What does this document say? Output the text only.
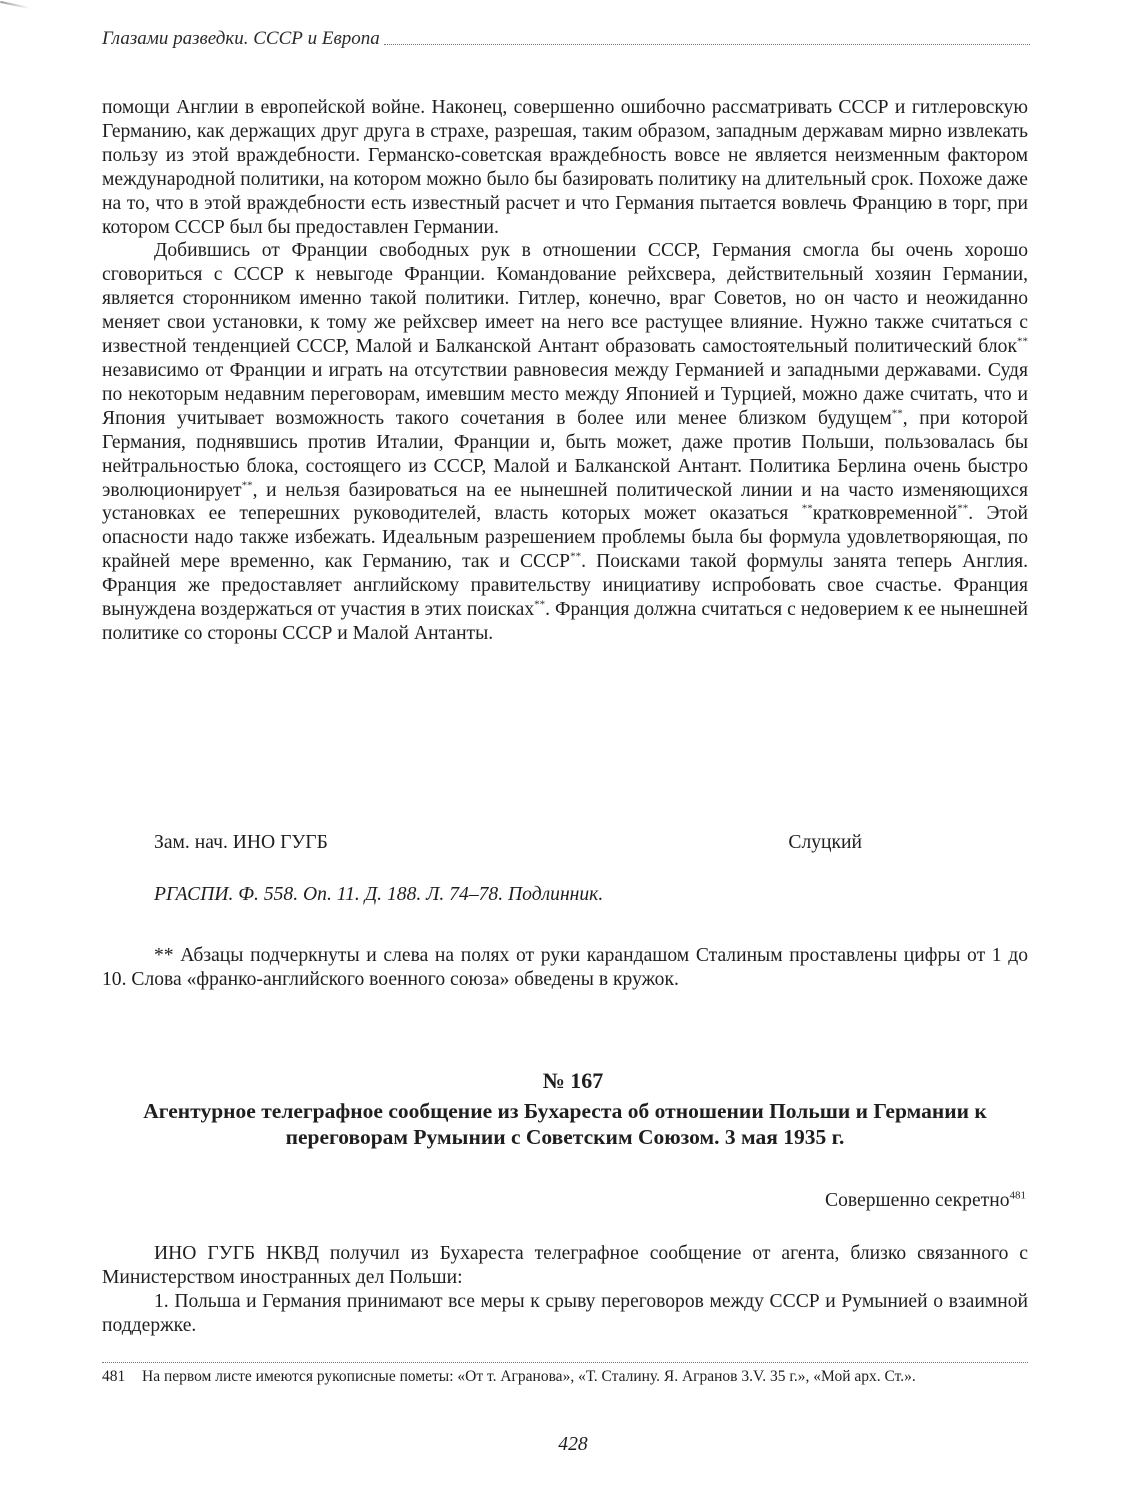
Глазами разведки. СССР и Европа

помощи Англии в европейской войне. Наконец, совершенно ошибочно рассматривать СССР и гитлеровскую Германию, как держащих друг друга в страхе, разрешая, таким образом, западным державам мирно извлекать пользу из этой враждебности. Германско-советская враждебность вовсе не является неизменным фактором международной политики, на котором можно было бы базировать политику на длительный срок. Похоже даже на то, что в этой враждебности есть известный расчет и что Германия пытается вовлечь Францию в торг, при котором СССР был бы предоставлен Германии.

Добившись от Франции свободных рук в отношении СССР, Германия смогла бы очень хорошо сговориться с СССР к невыгоде Франции. Командование рейхсвера, действительный хозяин Германии, является сторонником именно такой политики. Гитлер, конечно, враг Советов, но он часто и неожиданно меняет свои установки, к тому же рейхсвер имеет на него все растущее влияние. Нужно также считаться с известной тенденцией СССР, Малой и Балканской Антант образовать самостоятельный политический блок** независимо от Франции и играть на отсутствии равновесия между Германией и западными державами. Судя по некоторым недавним переговорам, имевшим место между Японией и Турцией, можно даже считать, что и Япония учитывает возможность такого сочетания в более или менее близком будущем**, при которой Германия, поднявшись против Италии, Франции и, быть может, даже против Польши, пользовалась бы нейтральностью блока, состоящего из СССР, Малой и Балканской Антант. Политика Берлина очень быстро эволюционирует**, и нельзя базироваться на ее нынешней политической линии и на часто изменяющихся установках ее теперешних руководителей, власть которых может оказаться **кратковременной**. Этой опасности надо также избежать. Идеальным разрешением проблемы была бы формула удовлетворяющая, по крайней мере временно, как Германию, так и СССР**. Поисками такой формулы занята теперь Англия. Франция же предоставляет английскому правительству инициативу испробовать свое счастье. Франция вынуждена воздержаться от участия в этих поисках**. Франция должна считаться с недоверием к ее нынешней политике со стороны СССР и Малой Антанты.

Зам. нач. ИНО ГУГБ	Слуцкий
РГАСПИ. Ф. 558. Оп. 11. Д. 188. Л. 74–78. Подлинник.
** Абзацы подчеркнуты и слева на полях от руки карандашом Сталиным проставлены цифры от 1 до 10. Слова «франко-английского военного союза» обведены в кружок.
№ 167
Агентурное телеграфное сообщение из Бухареста об отношении Польши и Германии к переговорам Румынии с Советским Союзом. 3 мая 1935 г.
Совершенно секретно$^{481}$

ИНО ГУГБ НКВД получил из Бухареста телеграфное сообщение от агента, близко связанного с Министерством иностранных дел Польши:

1. Польша и Германия принимают все меры к срыву переговоров между СССР и Румынией о взаимной поддержке.

481	На первом листе имеются рукописные пометы: «От т. Агранова», «Т. Сталину. Я. Агранов 3.V. 35 г.», «Мой арх. Ст.».
428
